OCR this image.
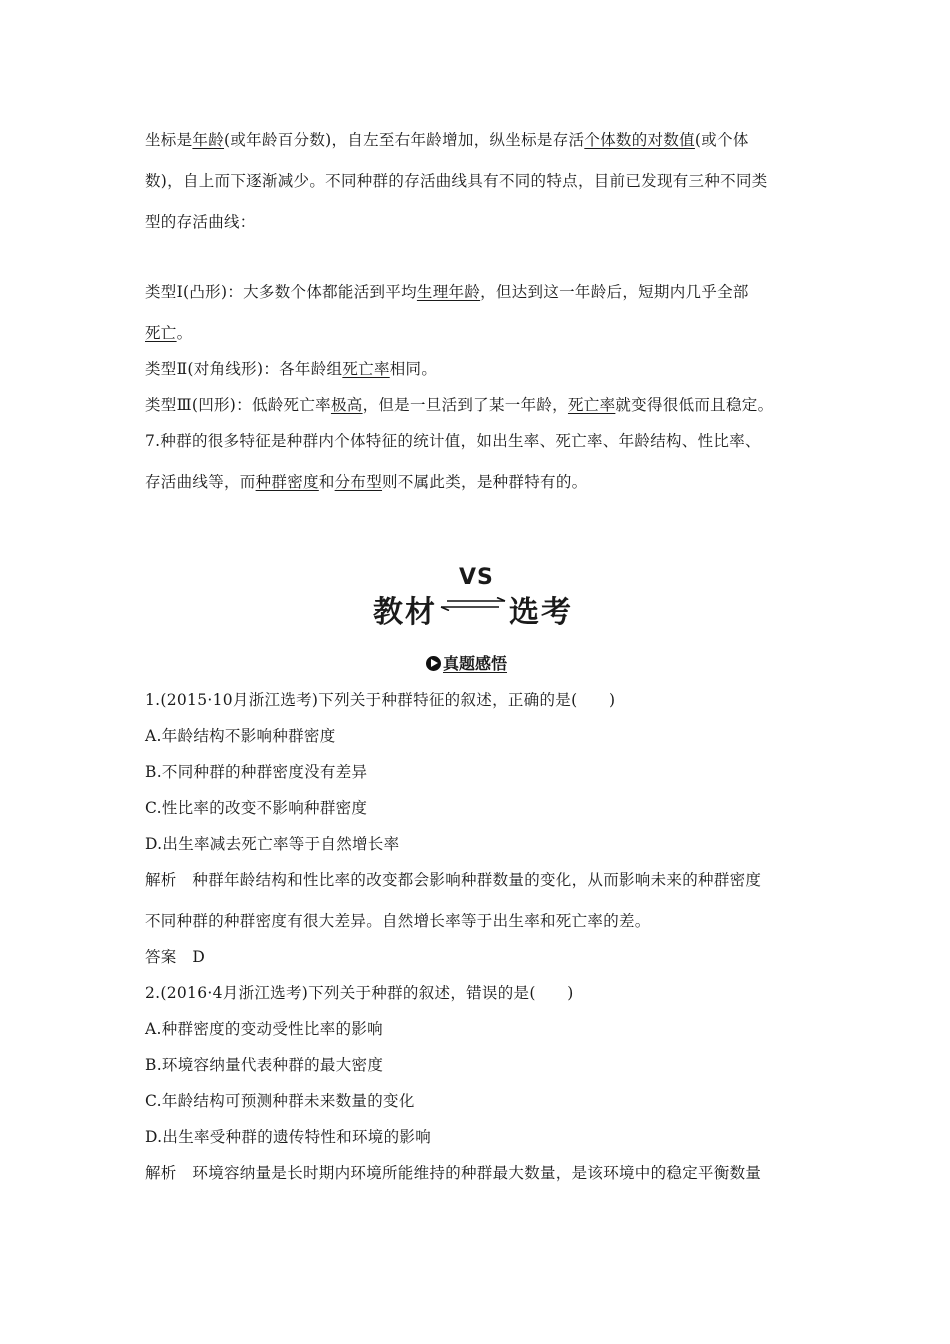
坐标是年龄(或年龄百分数)，自左至右年龄增加，纵坐标是存活个体数的对数值(或个体
数)，自上而下逐渐减少。不同种群的存活曲线具有不同的特点，目前已发现有三种不同类
型的存活曲线：
类型Ⅰ(凸形)：大多数个体都能活到平均生理年龄，但达到这一年龄后，短期内几乎全部
死亡。
类型Ⅱ(对角线形)：各年龄组死亡率相同。
类型Ⅲ(凹形)：低龄死亡率极高，但是一旦活到了某一年龄，死亡率就变得很低而且稳定。
7.种群的很多特征是种群内个体特征的统计值，如出生率、死亡率、年龄结构、性比率、
存活曲线等，而种群密度和分布型则不属此类，是种群特有的。
教材
VS
选考
真题感悟
1.(2015·10月浙江选考)下列关于种群特征的叙述，正确的是(　　)
A.年龄结构不影响种群密度
B.不同种群的种群密度没有差异
C.性比率的改变不影响种群密度
D.出生率减去死亡率等于自然增长率
解析　种群年龄结构和性比率的改变都会影响种群数量的变化，从而影响未来的种群密度
不同种群的种群密度有很大差异。自然增长率等于出生率和死亡率的差。
答案　D
2.(2016·4月浙江选考)下列关于种群的叙述，错误的是(　　)
A.种群密度的变动受性比率的影响
B.环境容纳量代表种群的最大密度
C.年龄结构可预测种群未来数量的变化
D.出生率受种群的遗传特性和环境的影响
解析　环境容纳量是长时期内环境所能维持的种群最大数量，是该环境中的稳定平衡数量
